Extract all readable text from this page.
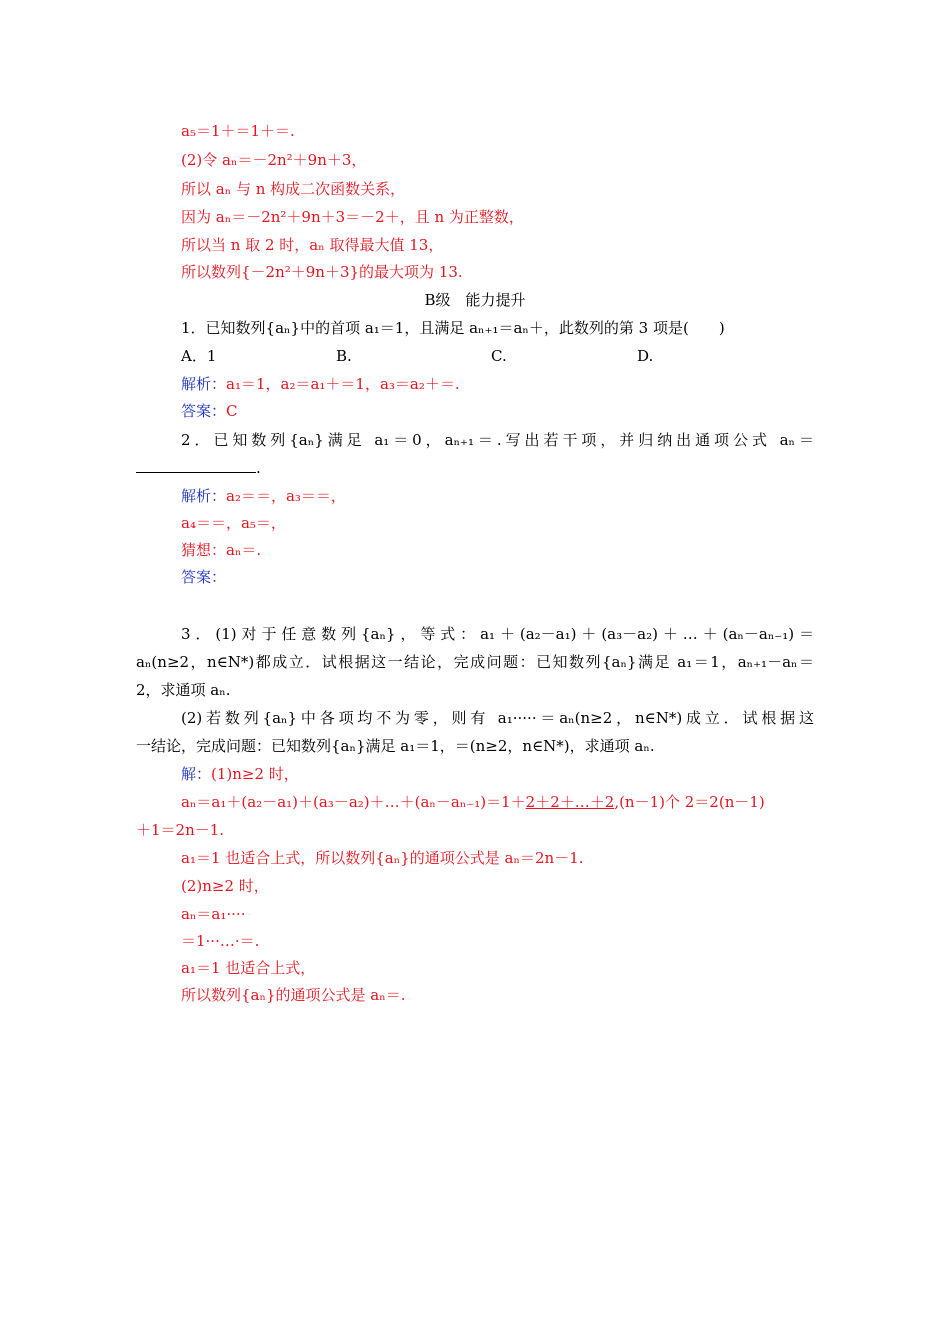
a₅＝1＋＝1＋＝.
(2)令 aₙ＝－2n²＋9n＋3，
所以 aₙ 与 n 构成二次函数关系，
因为 aₙ＝－2n²＋9n＋3＝－2＋，且 n 为正整数，
所以当 n 取 2 时，aₙ 取得最大值 13，
所以数列{－2n²＋9n＋3}的最大项为 13.
B级　能力提升
1．已知数列{aₙ}中的首项 a₁＝1，且满足 aₙ₊₁＝aₙ＋，此数列的第 3 项是(　　)
A．1	B.	C.	D.
解析：a₁＝1，a₂＝a₁＋＝1，a₃＝a₂＋＝.
答案：C
2．已知数列{aₙ}满足 a₁＝0，aₙ₊₁＝.写出若干项，并归纳出通项公式 aₙ＝
.
解析：a₂＝＝，a₃＝＝，
a₄＝＝，a₅＝，
猜想：aₙ＝.
答案：
3．(1)对于任意数列{aₙ}，等式：a₁＋(a₂－a₁)＋(a₃－a₂)＋…＋(aₙ－aₙ₋₁)＝
aₙ(n≥2，n∈N*)都成立．试根据这一结论，完成问题：已知数列{aₙ}满足 a₁＝1，aₙ₊₁－aₙ＝
2，求通项 aₙ.
(2)若数列{aₙ}中各项均不为零，则有 a₁·····＝aₙ(n≥2，n∈N*)成立．试根据这
一结论，完成问题：已知数列{aₙ}满足 a₁＝1，＝(n≥2，n∈N*)，求通项 aₙ.
解：(1)n≥2 时，
aₙ＝a₁＋(a₂－a₁)＋(a₃－a₂)＋…＋(aₙ－aₙ₋₁)＝1＋2＋2＋…＋2,(n－1)个 2＝2(n－1)
＋1＝2n－1.
a₁＝1 也适合上式，所以数列{aₙ}的通项公式是 aₙ＝2n－1.
(2)n≥2 时，
aₙ＝a₁····
＝1···…·＝.
a₁＝1 也适合上式，
所以数列{aₙ}的通项公式是 aₙ＝.
